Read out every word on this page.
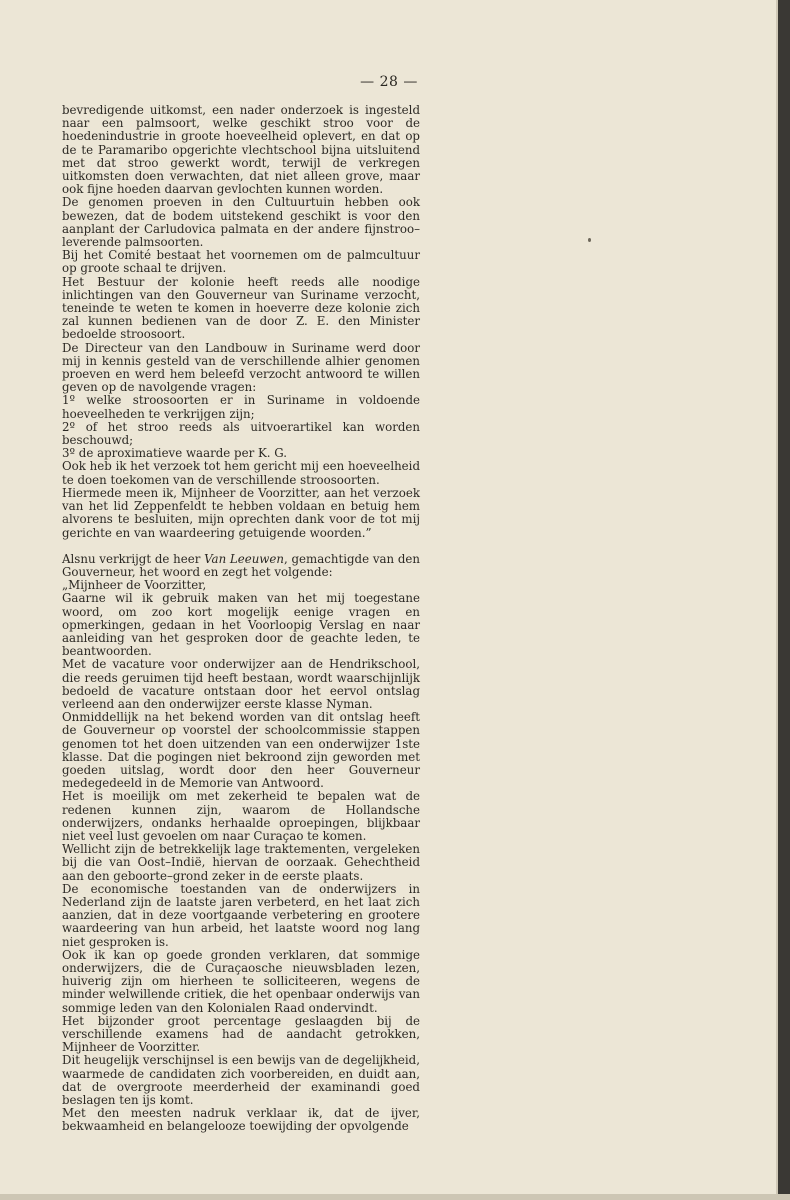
— 28 —

bevredigende uitkomst, een nader onderzoek is ingesteld naar een palmsoort, welke geschikt stroo voor de hoedenindustrie in groote hoeveelheid oplevert, en dat op de te Paramaribo opgerichte vlechtschool bijna uitsluitend met dat stroo gewerkt wordt, terwijl de verkregen uitkomsten doen verwachten, dat niet alleen grove, maar ook fijne hoeden daarvan gevlochten kunnen worden.

De genomen proeven in den Cultuurtuin hebben ook bewezen, dat de bodem uitstekend geschikt is voor den aanplant der Carludovica palmata en der andere fijnstroo–leverende palmsoorten.

Bij het Comité bestaat het voornemen om de palmcultuur op groote schaal te drijven.

Het Bestuur der kolonie heeft reeds alle noodige inlichtingen van den Gouverneur van Suriname verzocht, teneinde te weten te komen in hoeverre deze kolonie zich zal kunnen bedienen van de door Z. E. den Minister bedoelde stroosoort.

De Directeur van den Landbouw in Suriname werd door mij in kennis gesteld van de verschillende alhier genomen proeven en werd hem beleefd verzocht antwoord te willen geven op de navolgende vragen:

1º welke stroosoorten er in Suriname in voldoende hoeveelheden te verkrijgen zijn;

2º of het stroo reeds als uitvoerartikel kan worden beschouwd;

3º de aproximatieve waarde per K. G.

Ook heb ik het verzoek tot hem gericht mij een hoeveelheid te doen toekomen van de verschillende stroosoorten.

Hiermede meen ik, Mijnheer de Voorzitter, aan het verzoek van het lid Zeppenfeldt te hebben voldaan en betuig hem alvorens te besluiten, mijn oprechten dank voor de tot mij gerichte en van waardeering getuigende woorden.”

Alsnu verkrijgt de heer Van Leeuwen, gemachtigde van den Gouverneur, het woord en zegt het volgende:

„Mijnheer de Voorzitter,

Gaarne wil ik gebruik maken van het mij toegestane woord, om zoo kort mogelijk eenige vragen en opmerkingen, gedaan in het Voorloopig Verslag en naar aanleiding van het gesproken door de geachte leden, te beantwoorden.

Met de vacature voor onderwijzer aan de Hendrikschool, die reeds geruimen tijd heeft bestaan, wordt waarschijnlijk bedoeld de vacature ontstaan door het eervol ontslag verleend aan den onderwijzer eerste klasse Nyman.

Onmiddellijk na het bekend worden van dit ontslag heeft de Gouverneur op voorstel der schoolcommissie stappen genomen tot het doen uitzenden van een onderwijzer 1ste klasse. Dat die pogingen niet bekroond zijn geworden met goeden uitslag, wordt door den heer Gouverneur medegedeeld in de Memorie van Antwoord.

Het is moeilijk om met zekerheid te bepalen wat de redenen kunnen zijn, waarom de Hollandsche onderwijzers, ondanks herhaalde oproepingen, blijkbaar niet veel lust gevoelen om naar Curaçao te komen.

Wellicht zijn de betrekkelijk lage traktementen, vergeleken bij die van Oost–Indië, hiervan de oorzaak. Gehechtheid aan den geboorte–grond zeker in de eerste plaats.

De economische toestanden van de onderwijzers in Nederland zijn de laatste jaren verbeterd, en het laat zich aanzien, dat in deze voortgaande verbetering en grootere waardeering van hun arbeid, het laatste woord nog lang niet gesproken is.

Ook ik kan op goede gronden verklaren, dat sommige onderwijzers, die de Curaçaosche nieuwsbladen lezen, huiverig zijn om hierheen te solliciteeren, wegens de minder welwillende critiek, die het openbaar onderwijs van sommige leden van den Kolonialen Raad ondervindt.

Het bijzonder groot percentage geslaagden bij de verschillende examens had de aandacht getrokken, Mijnheer de Voorzitter.

Dit heugelijk verschijnsel is een bewijs van de degelijkheid, waarmede de candidaten zich voorbereiden, en duidt aan, dat de overgroote meerderheid der examinandi goed beslagen ten ijs komt.

Met den meesten nadruk verklaar ik, dat de ijver, bekwaamheid en belangelooze toewijding der opvolgende
